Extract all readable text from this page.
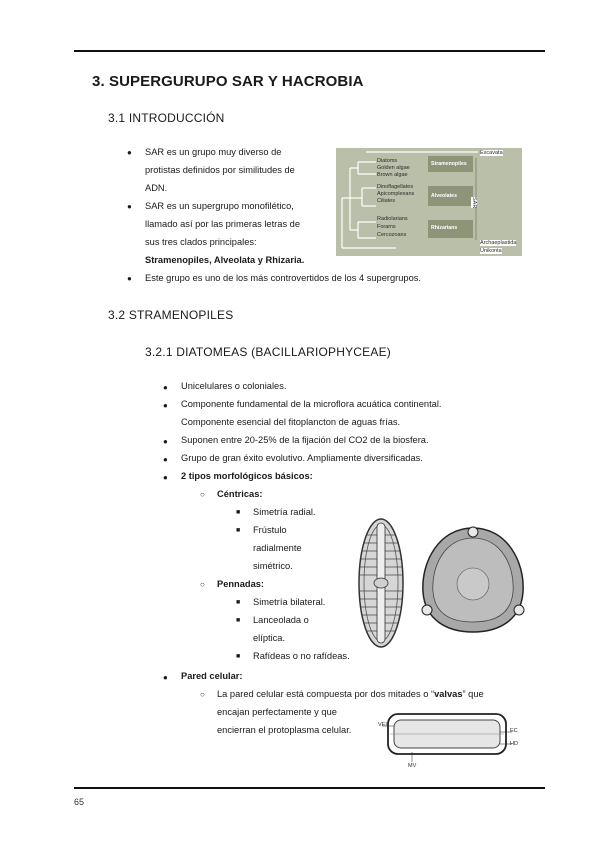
3. SUPERGURUPO SAR Y HACROBIA
3.1 INTRODUCCIÓN
● SAR es un grupo muy diverso de
protistas definidos por similitudes de
ADN.
● SAR es un supergrupo monofilético,
llamado así por las primeras letras de
sus tres clados principales:
Stramenopiles, Alveolata y Rhizaria.
● Este grupo es uno de los más controvertidos de los 4 supergrupos.
Diatoms
Golden algae
Brown algae
Dinoflagellates
Apicomplexans
Ciliates
Radiolarians
Forams
Cercozoans
Stramenopiles
Alveolates
Rhizarians
Excavata
SAR
Archaeplastida
Unikonta
3.2 STRAMENOPILES
3.2.1 DIATOMEAS (BACILLARIOPHYCEAE)
● Unicelulares o coloniales.
● Componente fundamental de la microflora acuática continental.
Componente esencial del fitoplancton de aguas frías.
● Suponen entre 20-25% de la fijación del CO2 de la biosfera.
● Grupo de gran éxito evolutivo. Ampliamente diversificadas.
● 2 tipos morfológicos básicos:
○ Céntricas:
■ Simetría radial.
■ Frústulo
radialmente
simétrico.
○ Pennadas:
■ Simetría bilateral.
■ Lanceolada o
elíptica.
■ Rafídeas o no rafídeas.
● Pared celular:
○ La pared celular está compuesta por dos mitades o “valvas” que
encajan perfectamente y que
encierran el protoplasma celular.	VEI
EC
HD
MV
65
